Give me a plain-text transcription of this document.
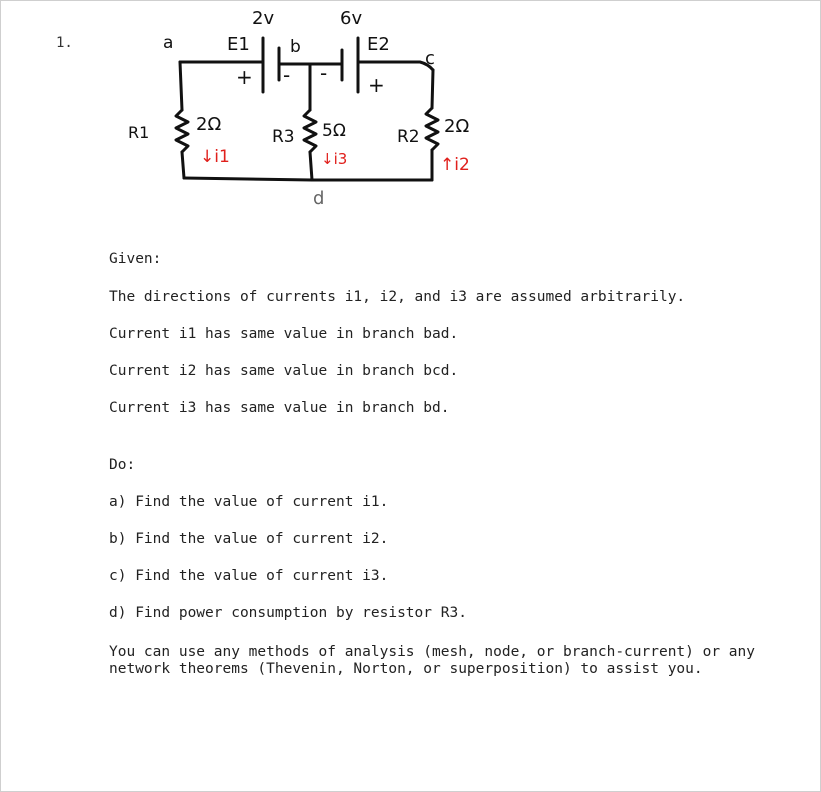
1.
2v	6v
E1	E2
a	b
c
d
+ - - +
R1	2Ω
R3 5Ω	R2 2Ω
↓i1	↓i3	↑i2

Given:

The directions of currents i1, i2, and i3 are assumed arbitrarily.

Current i1 has same value in branch bad.

Current i2 has same value in branch bcd.

Current i3 has same value in branch bd.

Do:

a) Find the value of current i1.

b) Find the value of current i2.

c) Find the value of current i3.

d) Find power consumption by resistor R3.

You can use any methods of analysis (mesh, node, or branch-current) or any network theorems (Thevenin, Norton, or superposition) to assist you.
